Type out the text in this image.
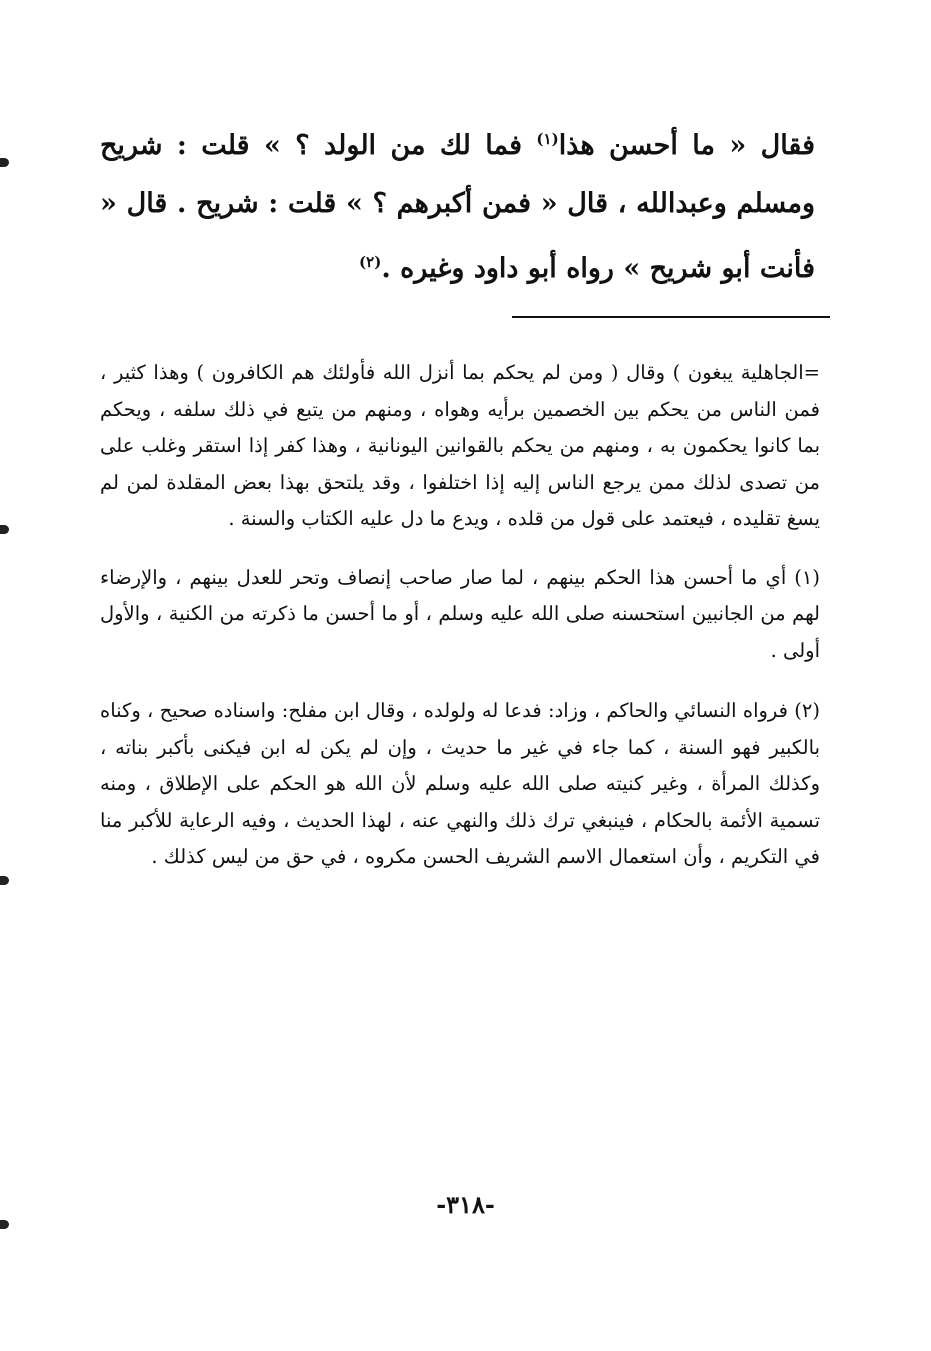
فقال « ما أحسن هذا$^{(١)}$ فما لك من الولد ؟ » قلت : شريح ومسلم وعبدالله ، قال « فمن أكبرهم ؟ » قلت : شريح . قال « فأنت أبو شريح » رواه أبو داود وغيره .$^{(٢)}$

=الجاهلية يبغون ) وقال ( ومن لم يحكم بما أنزل الله فأولئك هم الكافرون ) وهذا كثير ، فمن الناس من يحكم بين الخصمين برأيه وهواه ، ومنهم من يتبع في ذلك سلفه ، ويحكم بما كانوا يحكمون به ، ومنهم من يحكم بالقوانين اليونانية ، وهذا كفر إذا استقر وغلب على من تصدى لذلك ممن يرجع الناس إليه إذا اختلفوا ، وقد يلتحق بهذا بعض المقلدة لمن لم يسغ تقليده ، فيعتمد على قول من قلده ، ويدع ما دل عليه الكتاب والسنة .

(١) أي ما أحسن هذا الحكم بينهم ، لما صار صاحب إنصاف وتحر للعدل بينهم ، والإرضاء لهم من الجانبين استحسنه صلى الله عليه وسلم ، أو ما أحسن ما ذكرته من الكنية ، والأول أولى .

(٢) فرواه النسائي والحاكم ، وزاد: فدعا له ولولده ، وقال ابن مفلح: واسناده صحيح ، وكناه بالكبير فهو السنة ، كما جاء في غير ما حديث ، وإن لم يكن له ابن فيكنى بأكبر بناته ، وكذلك المرأة ، وغير كنيته صلى الله عليه وسلم لأن الله هو الحكم على الإطلاق ، ومنه تسمية الأئمة بالحكام ، فينبغي ترك ذلك والنهي عنه ، لهذا الحديث ، وفيه الرعاية للأكبر منا في التكريم ، وأن استعمال الاسم الشريف الحسن مكروه ، في حق من ليس كذلك .

-٣١٨-
